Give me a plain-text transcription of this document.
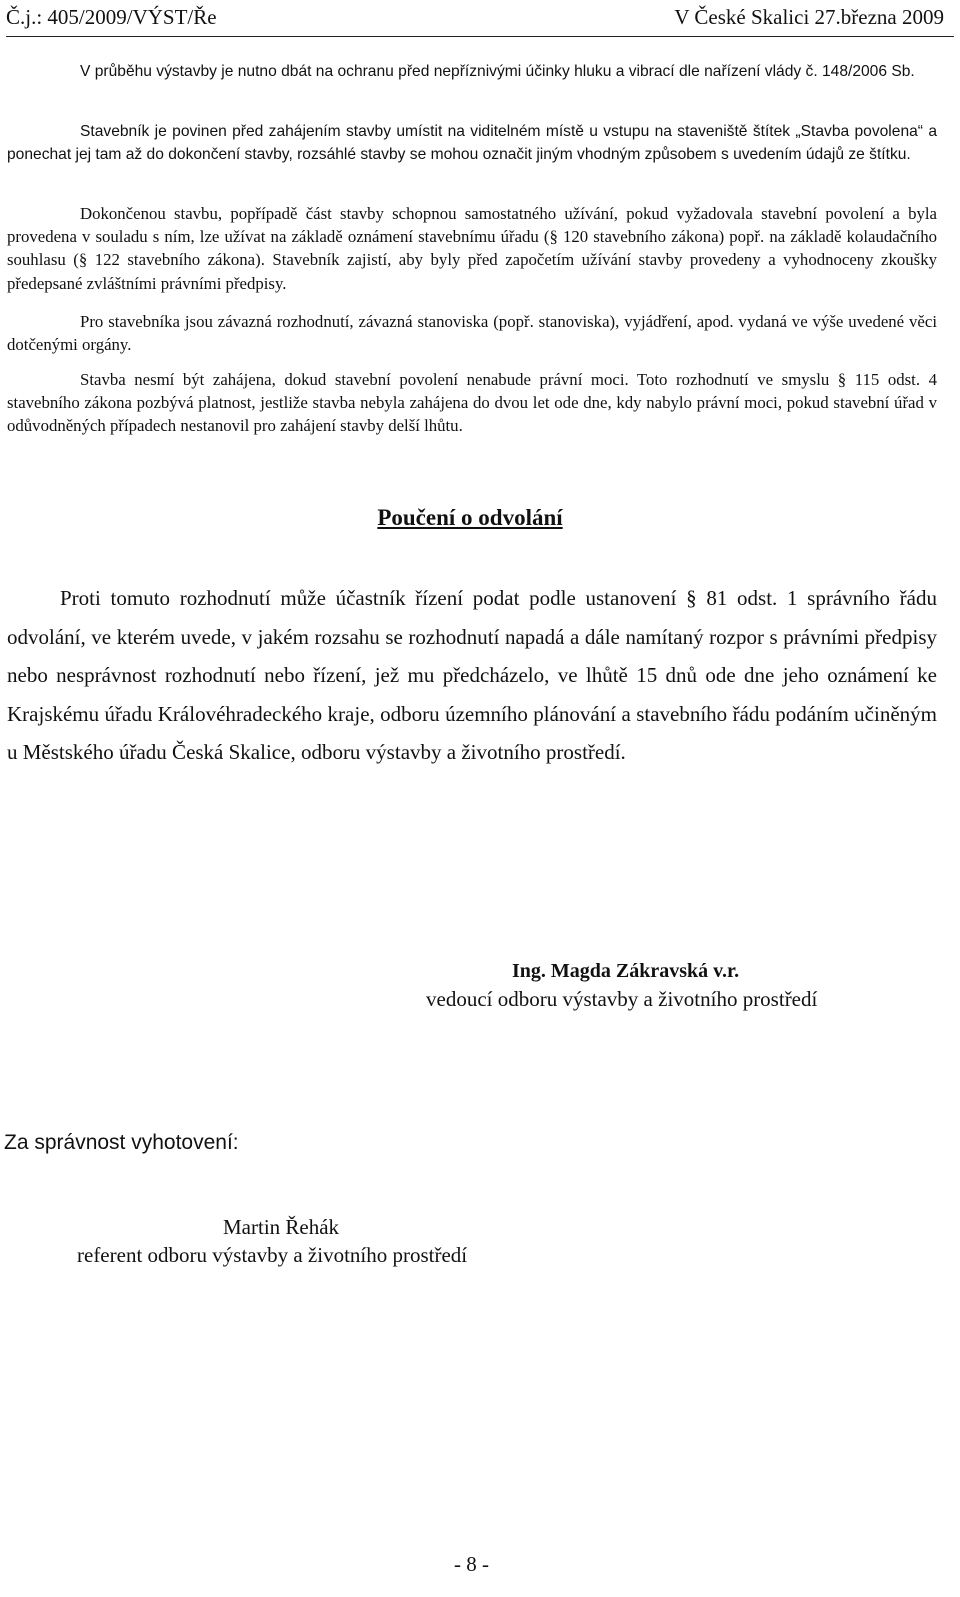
Č.j.: 405/2009/VÝST/Ře	V České Skalici 27.března 2009

V průběhu výstavby je nutno dbát na ochranu před nepříznivými účinky hluku a vibrací dle nařízení vlády č. 148/2006 Sb.

Stavebník je povinen před zahájením stavby umístit na viditelném místě u vstupu na staveniště štítek „Stavba povolena“ a ponechat jej tam až do dokončení stavby, rozsáhlé stavby se mohou označit jiným vhodným způsobem s uvedením údajů ze štítku.

Dokončenou stavbu, popřípadě část stavby schopnou samostatného užívání, pokud vyžadovala stavební povolení a byla provedena v souladu s ním, lze užívat na základě oznámení stavebnímu úřadu (§ 120 stavebního zákona) popř. na základě kolaudačního souhlasu (§ 122 stavebního zákona). Stavebník zajistí, aby byly před započetím užívání stavby provedeny a vyhodnoceny zkoušky předepsané zvláštními právními předpisy.

Pro stavebníka jsou závazná rozhodnutí, závazná stanoviska (popř. stanoviska), vyjádření, apod. vydaná ve výše uvedené věci dotčenými orgány.

Stavba nesmí být zahájena, dokud stavební povolení nenabude právní moci. Toto rozhodnutí ve smyslu § 115 odst. 4 stavebního zákona pozbývá platnost, jestliže stavba nebyla zahájena do dvou let ode dne, kdy nabylo právní moci, pokud stavební úřad v odůvodněných případech nestanovil pro zahájení stavby delší lhůtu.

Poučení o odvolání

Proti tomuto rozhodnutí může účastník řízení podat podle ustanovení § 81 odst. 1 správního řádu odvolání, ve kterém uvede, v jakém rozsahu se rozhodnutí napadá a dále namítaný rozpor s právními předpisy nebo nesprávnost rozhodnutí nebo řízení, jež mu předcházelo, ve lhůtě 15 dnů ode dne jeho oznámení ke Krajskému úřadu Královéhradeckého kraje, odboru územního plánování a stavebního řádu podáním učiněným u Městského úřadu Česká Skalice, odboru výstavby a životního prostředí.

Ing. Magda Zákravská v.r.
vedoucí odboru výstavby a životního prostředí
Za správnost vyhotovení:
Martin Řehák
referent odboru výstavby a životního prostředí
- 8 -
